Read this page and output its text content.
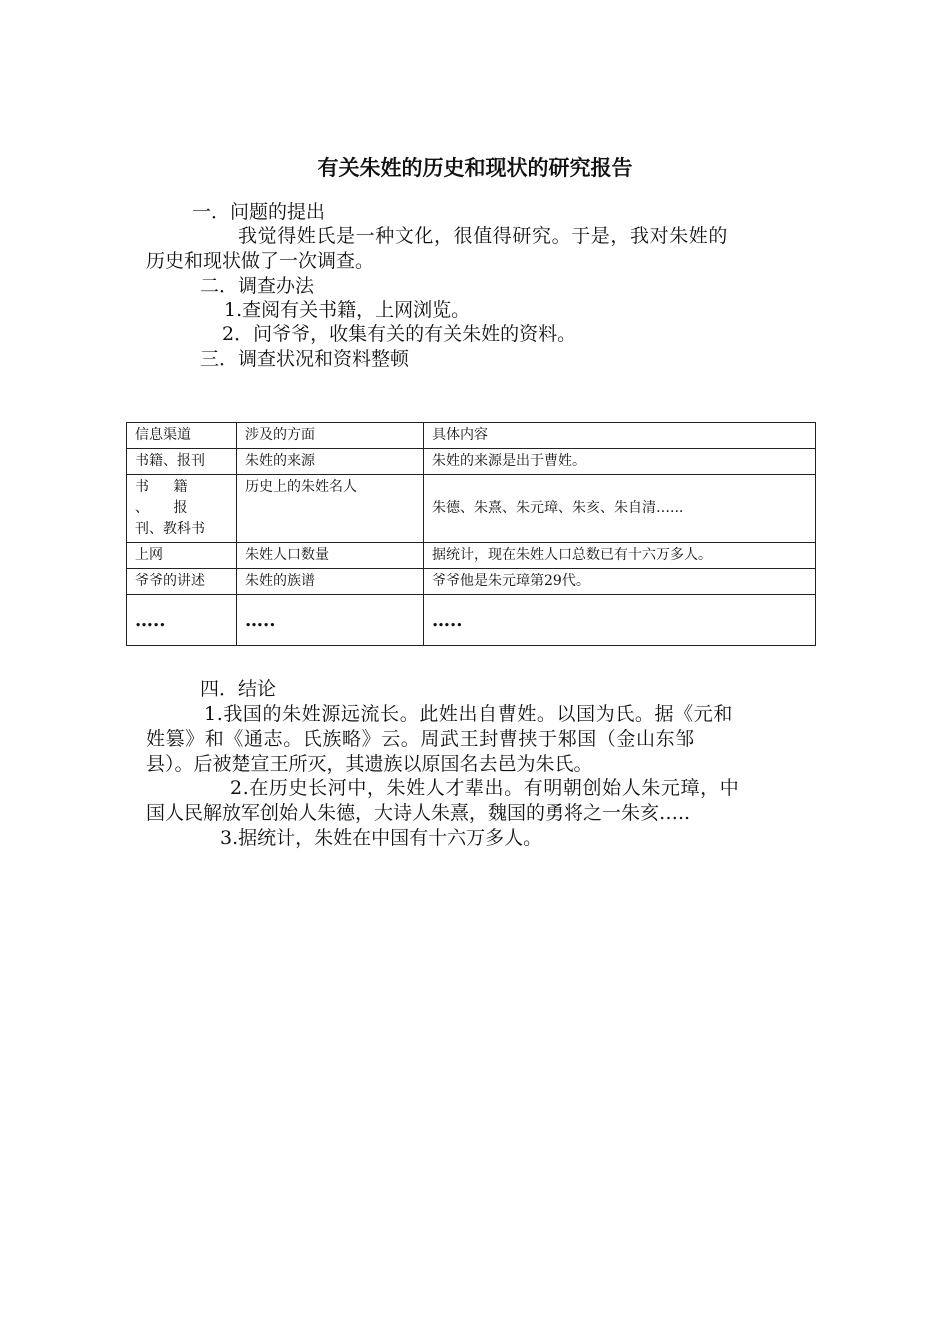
有关朱姓的历史和现状的研究报告

一．问题的提出

我觉得姓氏是一种文化，很值得研究。于是，我对朱姓的

历史和现状做了一次调查。

二．调查办法

1.查阅有关书籍，上网浏览。

2．问爷爷，收集有关的有关朱姓的资料。

三．调查状况和资料整顿

信息渠道	涉及的方面	具体内容
书籍、报刊	朱姓的来源	朱姓的来源是出于曹姓。

书 籍 、 报
刊、教科书	历史上的朱姓名人	朱德、朱熹、朱元璋、朱亥、朱自清…...
上网	朱姓人口数量	据统计，现在朱姓人口总数已有十六万多人。
爷爷的讲述	朱姓的族谱	爷爷他是朱元璋第29代。
…..	…..	…..

四．结论

1.我国的朱姓源远流长。此姓出自曹姓。以国为氏。据《元和

姓篡》和《通志。氏族略》云。周武王封曹挟于邾国（金山东邹

县）。后被楚宣王所灭，其遗族以原国名去邑为朱氏。

2.在历史长河中，朱姓人才辈出。有明朝创始人朱元璋，中

国人民解放军创始人朱德，大诗人朱熹，魏国的勇将之一朱亥…..

3.据统计，朱姓在中国有十六万多人。
